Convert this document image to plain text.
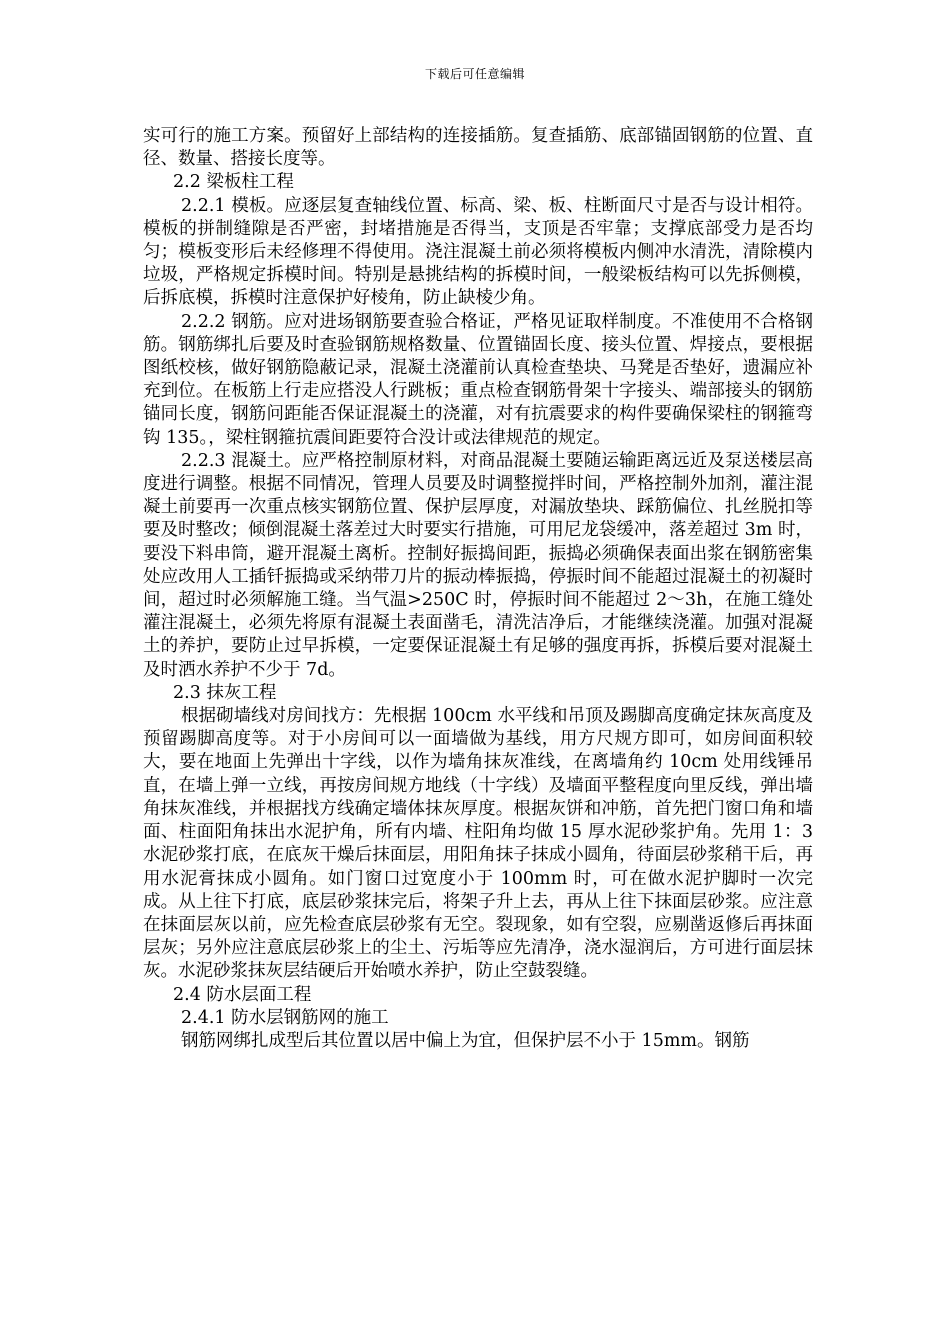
下载后可任意编辑

实可行的施工方案。预留好上部结构的连接插筋。复查插筋、底部锚固钢筋的位置、直径、数量、搭接长度等。

2.2 梁板柱工程

2.2.1 模板。应逐层复查轴线位置、标高、梁、板、柱断面尺寸是否与设计相符。模板的拼制缝隙是否严密，封堵措施是否得当，支顶是否牢靠；支撑底部受力是否均匀；模板变形后未经修理不得使用。浇注混凝土前必须将模板内侧冲水清洗，清除模内垃圾，严格规定拆模时间。特别是悬挑结构的拆模时间，一般梁板结构可以先拆侧模，后拆底模，拆模时注意保护好棱角，防止缺棱少角。

2.2.2 钢筋。应对进场钢筋要查验合格证，严格见证取样制度。不准使用不合格钢筋。钢筋绑扎后要及时查验钢筋规格数量、位置锚固长度、接头位置、焊接点，要根据图纸校核，做好钢筋隐蔽记录，混凝土浇灌前认真检查垫块、马凳是否垫好，遗漏应补充到位。在板筋上行走应搭没人行跳板；重点检查钢筋骨架十字接头、端部接头的钢筋锚同长度，钢筋问距能否保证混凝土的浇灌，对有抗震要求的构件要确保梁柱的钢箍弯钩 135。，梁柱钢箍抗震间距要符合没计或法律规范的规定。

2.2.3 混凝土。应严格控制原材料，对商品混凝土要随运输距离远近及泵送楼层高度进行调整。根据不同情况，管理人员要及时调整搅拌时间，严格控制外加剂，灌注混凝土前要再一次重点核实钢筋位置、保护层厚度，对漏放垫块、踩筋偏位、扎丝脱扣等要及时整改；倾倒混凝土落差过大时要实行措施，可用尼龙袋缓冲，落差超过 3m 时，要没下料串筒，避开混凝土离析。控制好振捣间距，振捣必须确保表面出浆在钢筋密集处应改用人工插钎振捣或采纳带刀片的振动棒振捣，停振时间不能超过混凝土的初凝时间，超过时必须解施工缝。当气温>250C 时，停振时间不能超过 2～3h，在施工缝处灌注混凝土，必须先将原有混凝土表面凿毛，清洗洁净后，才能继续浇灌。加强对混凝土的养护，要防止过早拆模，一定要保证混凝土有足够的强度再拆，拆模后要对混凝土及时洒水养护不少于 7d。

2.3 抹灰工程

根据砌墙线对房间找方：先根据 100cm 水平线和吊顶及踢脚高度确定抹灰高度及预留踢脚高度等。对于小房间可以一面墙做为基线，用方尺规方即可，如房间面积较大，要在地面上先弹出十字线，以作为墙角抹灰准线，在离墙角约 10cm 处用线锤吊直，在墙上弹一立线，再按房间规方地线（十字线）及墙面平整程度向里反线，弹出墙角抹灰准线，并根据找方线确定墙体抹灰厚度。根据灰饼和冲筋，首先把门窗口角和墙面、柱面阳角抹出水泥护角，所有内墙、柱阳角均做 15 厚水泥砂浆护角。先用 1：3 水泥砂浆打底，在底灰干燥后抹面层，用阳角抹子抹成小圆角，待面层砂浆稍干后，再用水泥膏抹成小圆角。如门窗口过宽度小于 100mm 时，可在做水泥护脚时一次完成。从上往下打底，底层砂浆抹完后，将架子升上去，再从上往下抹面层砂浆。应注意在抹面层灰以前，应先检查底层砂浆有无空。裂现象，如有空裂，应剔凿返修后再抹面层灰；另外应注意底层砂浆上的尘土、污垢等应先清净，浇水湿润后，方可进行面层抹灰。水泥砂浆抹灰层结硬后开始喷水养护，防止空鼓裂缝。

2.4 防水层面工程

2.4.1 防水层钢筋网的施工

钢筋网绑扎成型后其位置以居中偏上为宜，但保护层不小于 15mm。钢筋
